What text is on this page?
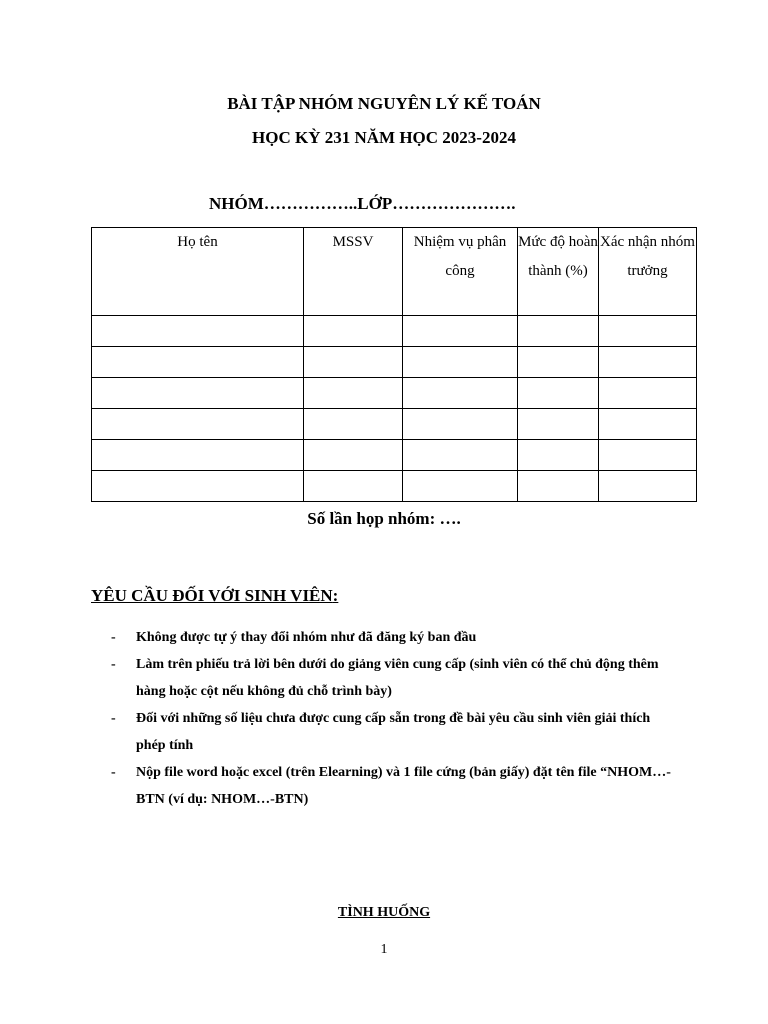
BÀI TẬP NHÓM NGUYÊN LÝ KẾ TOÁN
HỌC KỲ 231 NĂM HỌC 2023-2024
NHÓM……………..LỚP………………….
Họ tên	MSSV	Nhiệm vụ phân công	Mức độ hoàn thành (%)	Xác nhận nhóm trưởng

Số lần họp nhóm: ….
YÊU CẦU ĐỐI VỚI SINH VIÊN:
- Không được tự ý thay đổi nhóm như đã đăng ký ban đầu
- Làm trên phiếu trả lời bên dưới do giảng viên cung cấp (sinh viên có thể chủ động thêm hàng hoặc cột nếu không đủ chỗ trình bày)
- Đối với những số liệu chưa được cung cấp sẵn trong đề bài yêu cầu sinh viên giải thích phép tính
- Nộp file word hoặc excel (trên Elearning) và 1 file cứng (bản giấy) đặt tên file “NHOM…-BTN (ví dụ: NHOM…-BTN)
TÌNH HUỐNG
1
